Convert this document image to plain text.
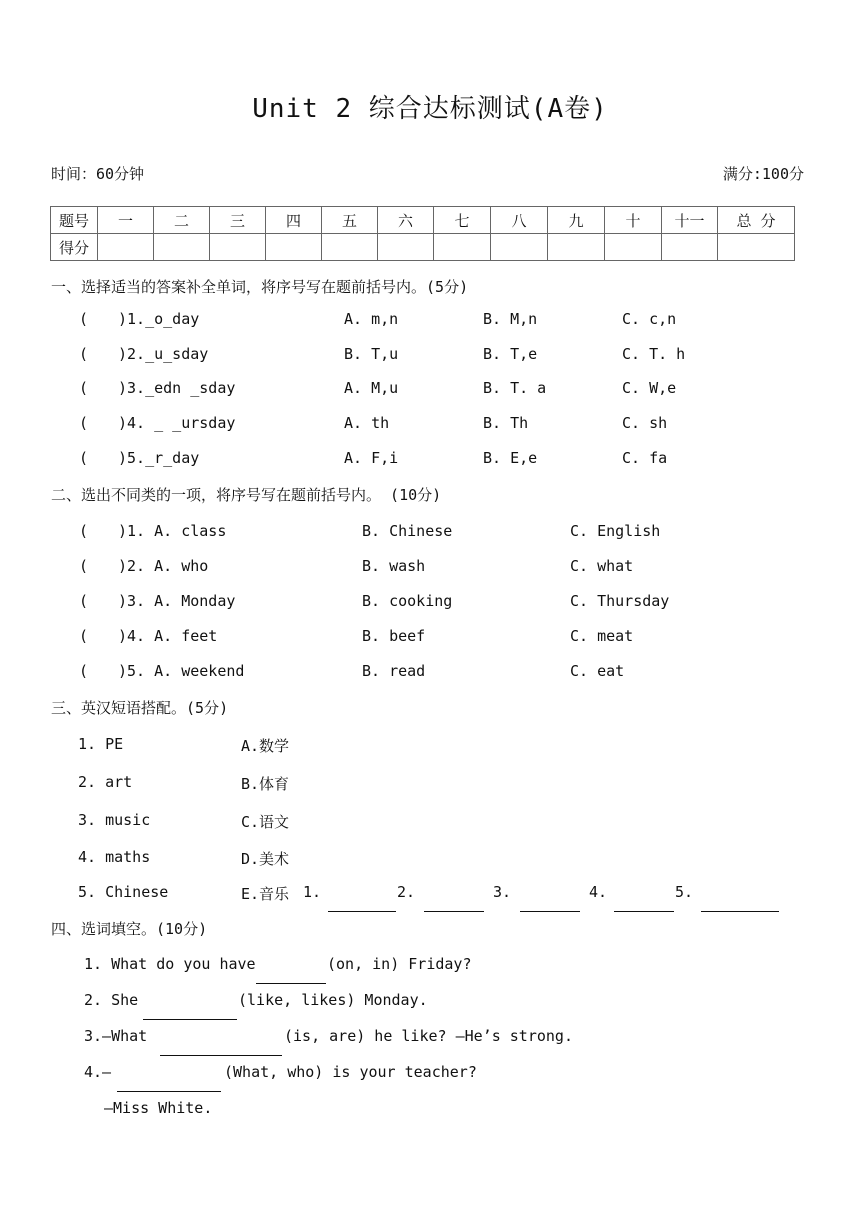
Unit 2 综合达标测试(A卷)
时间：60分钟	满分:100分
题号	一	二	三	四	五	六	七	八	九	十	十一	总 分
得分												
一、选择适当的答案补全单词，将序号写在题前括号内。(5分)
( )1._o_day	A. m,n	B. M,n	C. c,n
( )2._u_sday	B. T,u	B. T,e	C. T. h
( )3._edn _sday	A. M,u	B. T. a	C. W,e
( )4. _ _ursday	A. th	B. Th	C. sh
( )5._r_day	A. F,i	B. E,e	C. fa
二、选出不同类的一项，将序号写在题前括号内。 (10分)
( )1. A. class	B. Chinese	C. English
( )2. A. who	B. wash	C. what
( )3. A. Monday	B. cooking	C. Thursday
( )4. A. feet	B. beef	C. meat
( )5. A. weekend	B. read	C. eat
三、英汉短语搭配。(5分)
1. PE	A.数学
2. art	B.体育
3. music	C.语文
4. maths	D.美术
5. Chinese	E.音乐 1.	2.	3.	4.	5.
四、选词填空。(10分)
1. What do you have	(on, in) Friday?
2. She	(like, likes) Monday.
3.—What	(is, are) he like? —He’s strong.
4.—	(What, who) is your teacher?
—Miss White.
